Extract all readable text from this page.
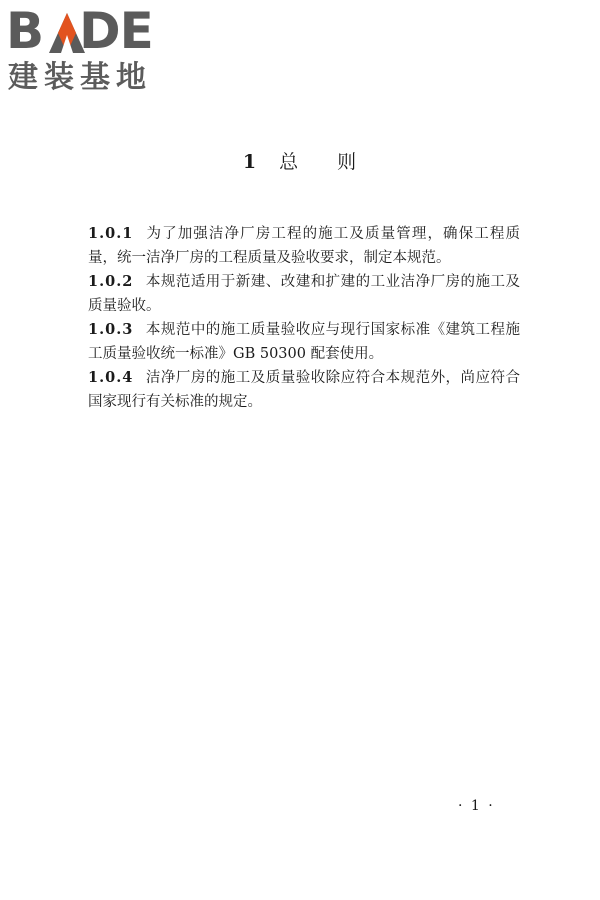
B DE
建装基地
1 总 则

1.0.1 为了加强洁净厂房工程的施工及质量管理，确保工程质量，统一洁净厂房的工程质量及验收要求，制定本规范。

1.0.2 本规范适用于新建、改建和扩建的工业洁净厂房的施工及质量验收。

1.0.3 本规范中的施工质量验收应与现行国家标准《建筑工程施工质量验收统一标准》GB 50300 配套使用。

1.0.4 洁净厂房的施工及质量验收除应符合本规范外，尚应符合国家现行有关标准的规定。

· 1 ·
